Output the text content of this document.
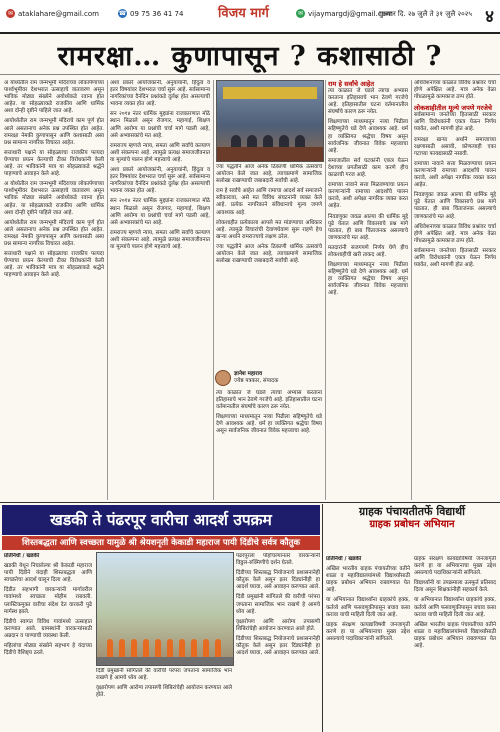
✉ ataklahare@gmail.com	☎ 09 75 36 41 74	विजय मार्ग	✉ vijaymargdj@gmail.com
गुरुवार दि. २७ जुलै ते ३१ जुलै २०२५ ४
रामरक्षा… कुणापासून ? कशासाठी ?

अ योध्येतील राम जन्मभूमी मंदिराच्या लोकार्पणाच्या पार्श्वभूमीवर देशभरात उत्साहाचे वातावरण असून भाविक मोठ्या संख्येने अयोध्येकडे रवाना होत आहेत. या सोहळ्याकडे राजकीय आणि धार्मिक अशा दोन्ही दृष्टीने पाहिले जात आहे.

आयोध्येतील राम जन्मभूमी मंदिराचे काम पूर्ण होत आले असतानाच अनेक प्रश्न उपस्थित होत आहेत. रामरक्षा नेमकी कुणापासून आणि कशासाठी असा प्रश्न सामान्य नागरिक विचारत आहेत.

सत्ताधारी पक्षाने या सोहळ्याचा राजकीय फायदा घेण्याचा प्रयत्न केल्याची टीका विरोधकांनी केली आहे. तर भाविकांनी मात्र या सोहळ्याकडे श्रद्धेने पाहण्याचे आवाहन केले आहे.

अ योध्येतील राम जन्मभूमी मंदिराच्या लोकार्पणाच्या पार्श्वभूमीवर देशभरात उत्साहाचे वातावरण असून भाविक मोठ्या संख्येने अयोध्येकडे रवाना होत आहेत. या सोहळ्याकडे राजकीय आणि धार्मिक अशा दोन्ही दृष्टीने पाहिले जात आहे.

आयोध्येतील राम जन्मभूमी मंदिराचे काम पूर्ण होत आले असतानाच अनेक प्रश्न उपस्थित होत आहेत. रामरक्षा नेमकी कुणापासून आणि कशासाठी असा प्रश्न सामान्य नागरिक विचारत आहेत.

सत्ताधारी पक्षाने या सोहळ्याचा राजकीय फायदा घेण्याचा प्रयत्न केल्याची टीका विरोधकांनी केली आहे. तर भाविकांनी मात्र या सोहळ्याकडे श्रद्धेने पाहण्याचे आवाहन केले आहे.

अशा प्रकारे आयोजकांनी, अनुयायांनी, हिंदुत्व व इतर विषयांवर देशभरात चर्चा सुरू आहे. सर्वसामान्य नागरिकांच्या दैनंदिन प्रश्नांकडे दुर्लक्ष होत असल्याची भावना व्यक्त होत आहे.

सन २०१४ नंतर धार्मिक मुद्द्यांना राजकारणात मोठे स्थान मिळाले असून रोजगार, महागाई, शिक्षण आणि आरोग्य या प्रश्नांची चर्चा मागे पडली आहे, असे अभ्यासकांचे मत आहे.

रामराज्य म्हणजे न्याय, समता आणि सर्वांचे कल्याण अशी संकल्पना आहे. त्यामुळे प्रत्यक्ष समाजजीवनात या मूल्यांचे पालन होणे महत्त्वाचे आहे.

अशा प्रकारे आयोजकांनी, अनुयायांनी, हिंदुत्व व इतर विषयांवर देशभरात चर्चा सुरू आहे. सर्वसामान्य नागरिकांच्या दैनंदिन प्रश्नांकडे दुर्लक्ष होत असल्याची भावना व्यक्त होत आहे.

सन २०१४ नंतर धार्मिक मुद्द्यांना राजकारणात मोठे स्थान मिळाले असून रोजगार, महागाई, शिक्षण आणि आरोग्य या प्रश्नांची चर्चा मागे पडली आहे, असे अभ्यासकांचे मत आहे.

रामराज्य म्हणजे न्याय, समता आणि सर्वांचे कल्याण अशी संकल्पना आहे. त्यामुळे प्रत्यक्ष समाजजीवनात या मूल्यांचे पालन होणे महत्त्वाचे आहे.

ज्या पद्धतीने आज अनेक ठिकाणी धार्मिक उत्सवांचे आयोजन केले जात आहे, त्याचप्रमाणे सामाजिक सलोखा राखण्याची जबाबदारी सर्वांची आहे.

राम हे सर्वांचे आहेत आणि रामाचा आदर्श सर्व समाजाने स्वीकारावा, असे मत विविध संघटनांनी व्यक्त केले आहे. प्रत्येक नागरिकाने संविधानाचे मूल्य जपणे आवश्यक आहे.

लोकशाहीत प्रत्येकाला आपले मत मांडण्याचा अधिकार आहे. त्यामुळे विचारांची देवाणघेवाण सुरू राहणे हेच खऱ्या अर्थाने रामराज्याचे लक्षण ठरेल.

ज्या पद्धतीने आज अनेक ठिकाणी धार्मिक उत्सवांचे आयोजन केले जात आहे, त्याचप्रमाणे सामाजिक सलोखा राखण्याची जबाबदारी सर्वांची आहे.

ज्ञानेश महाराव
ज्येष्ठ पत्रकार, संपादक

त्या काळात जे घडले त्याचा अभ्यास करताना इतिहासाचे भान ठेवणे गरजेचे आहे. इतिहासातील घटना वर्तमानातील संघर्षाचे कारण ठरू नयेत.

शिक्षणाच्या माध्यमातून नव्या पिढीला सहिष्णुतेचे धडे देणे आवश्यक आहे. धर्म हा व्यक्तिगत श्रद्धेचा विषय असून सार्वजनिक जीवनात विवेक महत्त्वाचा आहे.

राम हे सर्वांचे आहेत

त्या काळात जे घडले त्याचा अभ्यास करताना इतिहासाचे भान ठेवणे गरजेचे आहे. इतिहासातील घटना वर्तमानातील संघर्षाचे कारण ठरू नयेत.

शिक्षणाच्या माध्यमातून नव्या पिढीला सहिष्णुतेचे धडे देणे आवश्यक आहे. धर्म हा व्यक्तिगत श्रद्धेचा विषय असून सार्वजनिक जीवनात विवेक महत्त्वाचा आहे.

समाजातील सर्व घटकांनी एकत्र येऊन देशाच्या प्रगतीसाठी काम करणे हीच काळाची गरज आहे.

रामाच्या नावाने सत्ता मिळवण्याचा प्रयत्न करणाऱ्यांनी रामाच्या आदर्शांचे पालन करावे, अशी अपेक्षा नागरिक व्यक्त करत आहेत.

निवडणुका जवळ आल्या की धार्मिक मुद्दे पुढे येतात आणि विकासाचे प्रश्न मागे पडतात, ही बाब चिंताजनक असल्याचे जाणकारांचे मत आहे.

मतदारांनी सजगपणे निर्णय घेणे हीच लोकशाहीची खरी ताकद आहे.

शिक्षणाच्या माध्यमातून नव्या पिढीला सहिष्णुतेचे धडे देणे आवश्यक आहे. धर्म हा व्यक्तिगत श्रद्धेचा विषय असून सार्वजनिक जीवनात विवेक महत्त्वाचा आहे.

अधिवेशनाच्या काळात विविध प्रश्नांवर चर्चा होणे अपेक्षित आहे. मात्र अनेक वेळा गोंधळामुळे कामकाज ठप्प होते.

लोकशाहीतील मूल्ये जपणे गरजेचे

सर्वसामान्य जनतेच्या हितासाठी सरकार आणि विरोधकांनी एकत्र येऊन निर्णय घ्यावेत, अशी मागणी होत आहे.

रामरक्षा खऱ्या अर्थाने समाजाच्या रक्षणासाठी असावी, कोणत्याही एका गटाच्या फायद्यासाठी नसावी.

रामाच्या नावाने सत्ता मिळवण्याचा प्रयत्न करणाऱ्यांनी रामाच्या आदर्शांचे पालन करावे, अशी अपेक्षा नागरिक व्यक्त करत आहेत.

निवडणुका जवळ आल्या की धार्मिक मुद्दे पुढे येतात आणि विकासाचे प्रश्न मागे पडतात, ही बाब चिंताजनक असल्याचे जाणकारांचे मत आहे.

अधिवेशनाच्या काळात विविध प्रश्नांवर चर्चा होणे अपेक्षित आहे. मात्र अनेक वेळा गोंधळामुळे कामकाज ठप्प होते.

सर्वसामान्य जनतेच्या हितासाठी सरकार आणि विरोधकांनी एकत्र येऊन निर्णय घ्यावेत, अशी मागणी होत आहे.

खडकी ते पंढरपूर वारीचा आदर्श उपक्रम
शिस्तबद्धता आणि स्वच्छता यामुळे श्री श्रेयशनृती केकाडी महाराज पायी दिंडीचे सर्वत्र कौतुक

प्रतिनिधी / खडकी

खडकी येथून निघालेल्या श्री केकाडी महाराज पायी दिंडीने यंदाही शिस्तबद्धता आणि स्वच्छतेचा आदर्श घालून दिला आहे.

दिंडीत सहभागी वारकऱ्यांनी मार्गावरील गावांमध्ये स्वच्छता मोहीम राबवली. प्लास्टिकमुक्त वारीचा संदेश देत वारकरी पुढे मार्गस्थ झाले.

दिंडीचे स्वागत विविध गावांमध्ये उत्साहात करण्यात आले. ग्रामस्थांनी वारकऱ्यांसाठी अन्नदान व पाण्याची व्यवस्था केली.

महिलांचा मोठ्या संख्येने सहभाग हे यंदाच्या दिंडीचे वैशिष्ट्य ठरले.

दिंडी प्रमुखांनी सांगितले की वारीची परंपरा जपताना सामाजिक भान राखणे हे आमचे ध्येय आहे.

वृक्षारोपण आणि आरोग्य तपासणी शिबिरांचेही आयोजन करण्यात आले होते.

पंढरपूरला पोहोचल्यानंतर वारकऱ्यांनी विठ्ठल-रुक्मिणीचे दर्शन घेतले.

दिंडीच्या शिस्तबद्ध नियोजनाचे प्रशासनानेही कौतुक केले असून इतर दिंड्यांनीही हा आदर्श घ्यावा, असे आवाहन करण्यात आले.

दिंडी प्रमुखांनी सांगितले की वारीची परंपरा जपताना सामाजिक भान राखणे हे आमचे ध्येय आहे.

वृक्षारोपण आणि आरोग्य तपासणी शिबिरांचेही आयोजन करण्यात आले होते.

दिंडीच्या शिस्तबद्ध नियोजनाचे प्रशासनानेही कौतुक केले असून इतर दिंड्यांनीही हा आदर्श घ्यावा, असे आवाहन करण्यात आले.

ग्राहक पंचायतीतर्फे विद्यार्थी
ग्राहक प्रबोधन अभियान

प्रतिनिधी / खडकी

अखिल भारतीय ग्राहक पंचायतीच्या वतीने शाळा व महाविद्यालयांमध्ये विद्यार्थ्यांसाठी ग्राहक प्रबोधन अभियान राबवण्यात येत आहे.

या अभियानात विद्यार्थ्यांना ग्राहकांचे हक्क, कर्तव्ये आणि फसवणुकीपासून बचाव कसा करावा याची माहिती दिली जात आहे.

ग्राहक संरक्षण कायद्याविषयी जनजागृती करणे हा या अभियानाचा मुख्य उद्देश असल्याचे पदाधिकाऱ्यांनी सांगितले.

ग्राहक संरक्षण कायद्याविषयी जनजागृती करणे हा या अभियानाचा मुख्य उद्देश असल्याचे पदाधिकाऱ्यांनी सांगितले.

विद्यार्थ्यांनी या उपक्रमाला उत्स्फूर्त प्रतिसाद दिला असून शिक्षकांनीही सहकार्य केले.

या अभियानात विद्यार्थ्यांना ग्राहकांचे हक्क, कर्तव्ये आणि फसवणुकीपासून बचाव कसा करावा याची माहिती दिली जात आहे.

अखिल भारतीय ग्राहक पंचायतीच्या वतीने शाळा व महाविद्यालयांमध्ये विद्यार्थ्यांसाठी ग्राहक प्रबोधन अभियान राबवण्यात येत आहे.
